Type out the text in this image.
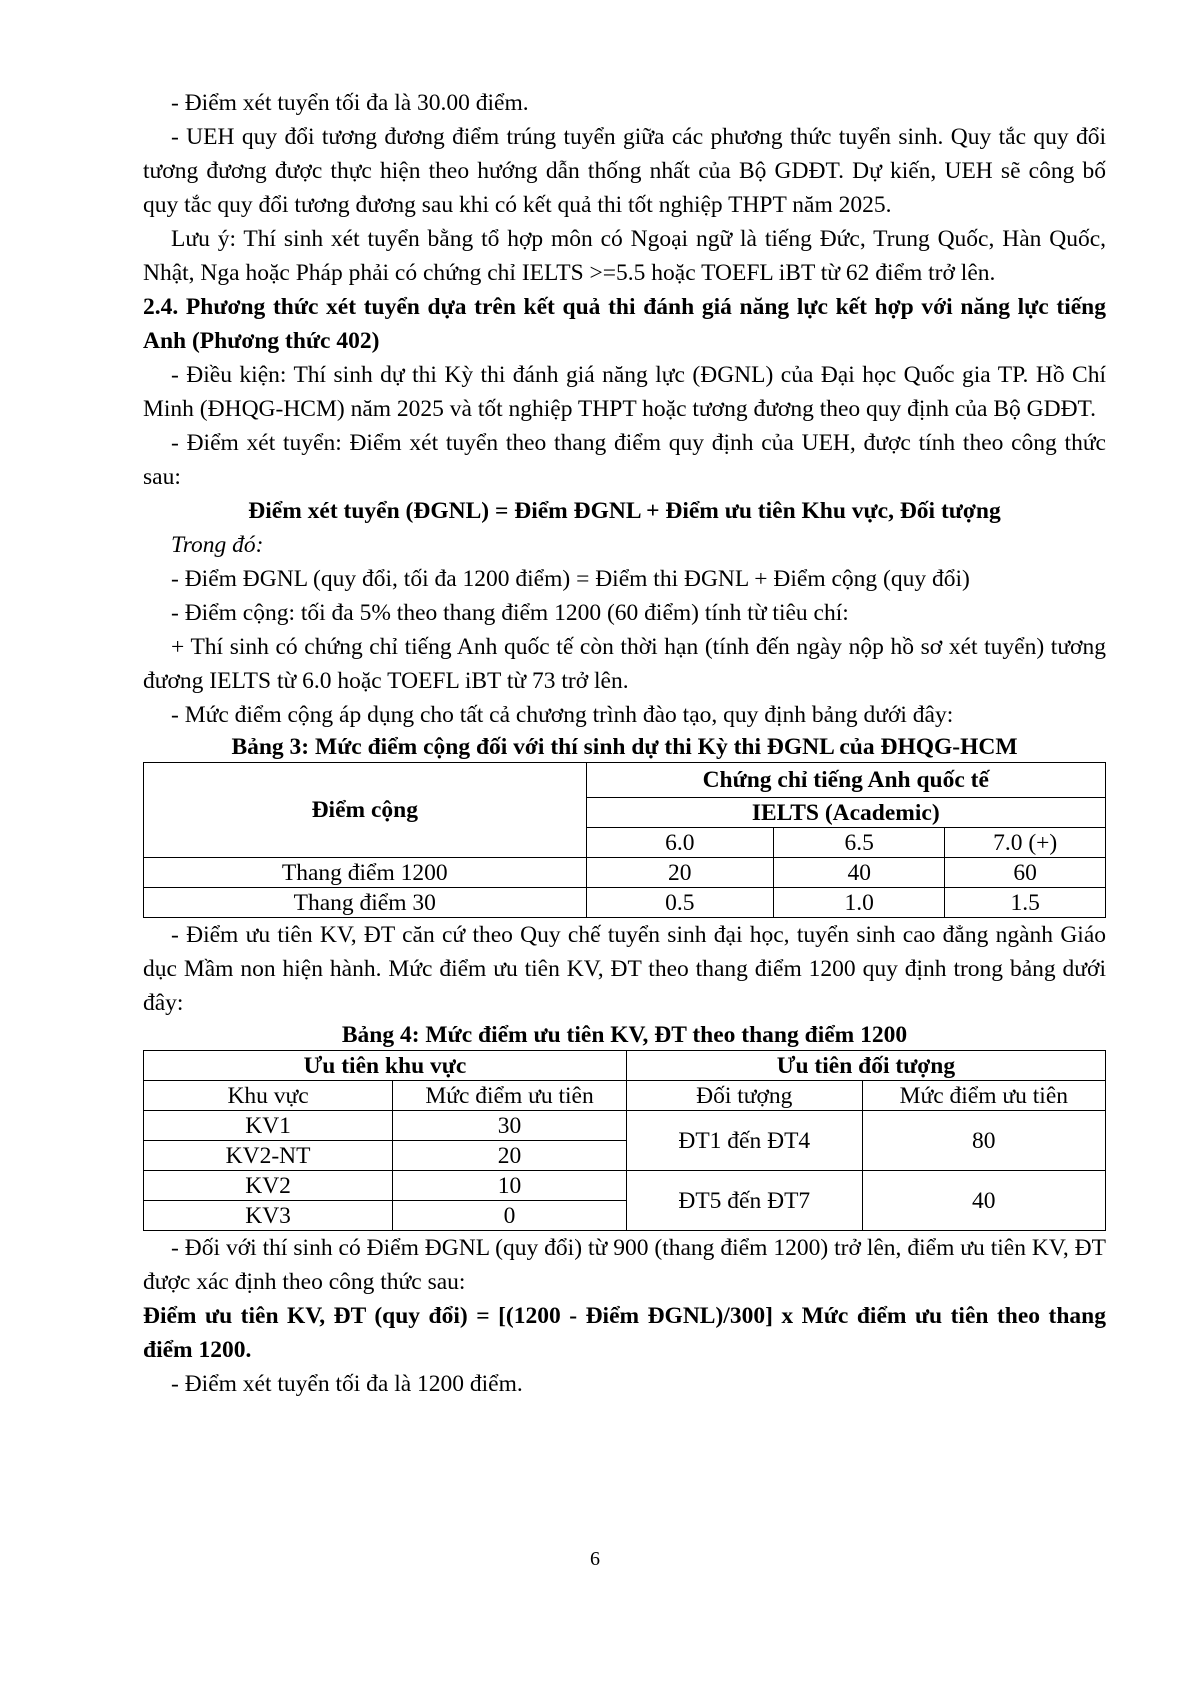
- Điểm xét tuyển tối đa là 30.00 điểm.

- UEH quy đổi tương đương điểm trúng tuyển giữa các phương thức tuyển sinh. Quy tắc quy đổi tương đương được thực hiện theo hướng dẫn thống nhất của Bộ GDĐT. Dự kiến, UEH sẽ công bố quy tắc quy đổi tương đương sau khi có kết quả thi tốt nghiệp THPT năm 2025.

Lưu ý: Thí sinh xét tuyển bằng tổ hợp môn có Ngoại ngữ là tiếng Đức, Trung Quốc, Hàn Quốc, Nhật, Nga hoặc Pháp phải có chứng chỉ IELTS >=5.5 hoặc TOEFL iBT từ 62 điểm trở lên.

2.4. Phương thức xét tuyển dựa trên kết quả thi đánh giá năng lực kết hợp với năng lực tiếng Anh (Phương thức 402)

- Điều kiện: Thí sinh dự thi Kỳ thi đánh giá năng lực (ĐGNL) của Đại học Quốc gia TP. Hồ Chí Minh (ĐHQG-HCM) năm 2025 và tốt nghiệp THPT hoặc tương đương theo quy định của Bộ GDĐT.

- Điểm xét tuyển: Điểm xét tuyển theo thang điểm quy định của UEH, được tính theo công thức sau:

Điểm xét tuyển (ĐGNL) = Điểm ĐGNL + Điểm ưu tiên Khu vực, Đối tượng

Trong đó:

- Điểm ĐGNL (quy đổi, tối đa 1200 điểm) = Điểm thi ĐGNL + Điểm cộng (quy đổi)

- Điểm cộng: tối đa 5% theo thang điểm 1200 (60 điểm) tính từ tiêu chí:

+ Thí sinh có chứng chỉ tiếng Anh quốc tế còn thời hạn (tính đến ngày nộp hồ sơ xét tuyển) tương đương IELTS từ 6.0 hoặc TOEFL iBT từ 73 trở lên.

- Mức điểm cộng áp dụng cho tất cả chương trình đào tạo, quy định bảng dưới đây:

Bảng 3: Mức điểm cộng đối với thí sinh dự thi Kỳ thi ĐGNL của ĐHQG-HCM
Điểm cộng	Chứng chỉ tiếng Anh quốc tế		
	IELTS (Academic)		
	6.0	6.5	7.0 (+)
Thang điểm 1200	20	40	60
Thang điểm 30	0.5	1.0	1.5

- Điểm ưu tiên KV, ĐT căn cứ theo Quy chế tuyển sinh đại học, tuyển sinh cao đẳng ngành Giáo dục Mầm non hiện hành. Mức điểm ưu tiên KV, ĐT theo thang điểm 1200 quy định trong bảng dưới đây:

Bảng 4: Mức điểm ưu tiên KV, ĐT theo thang điểm 1200
Ưu tiên khu vực		Ưu tiên đối tượng	
Khu vực	Mức điểm ưu tiên	Đối tượng	Mức điểm ưu tiên
KV1	30	ĐT1 đến ĐT4	80
KV2-NT	20		
KV2	10	ĐT5 đến ĐT7	40
KV3	0		

- Đối với thí sinh có Điểm ĐGNL (quy đổi) từ 900 (thang điểm 1200) trở lên, điểm ưu tiên KV, ĐT được xác định theo công thức sau:

Điểm ưu tiên KV, ĐT (quy đổi) = [(1200 - Điểm ĐGNL)/300] x Mức điểm ưu tiên theo thang điểm 1200.

- Điểm xét tuyển tối đa là 1200 điểm.

6
